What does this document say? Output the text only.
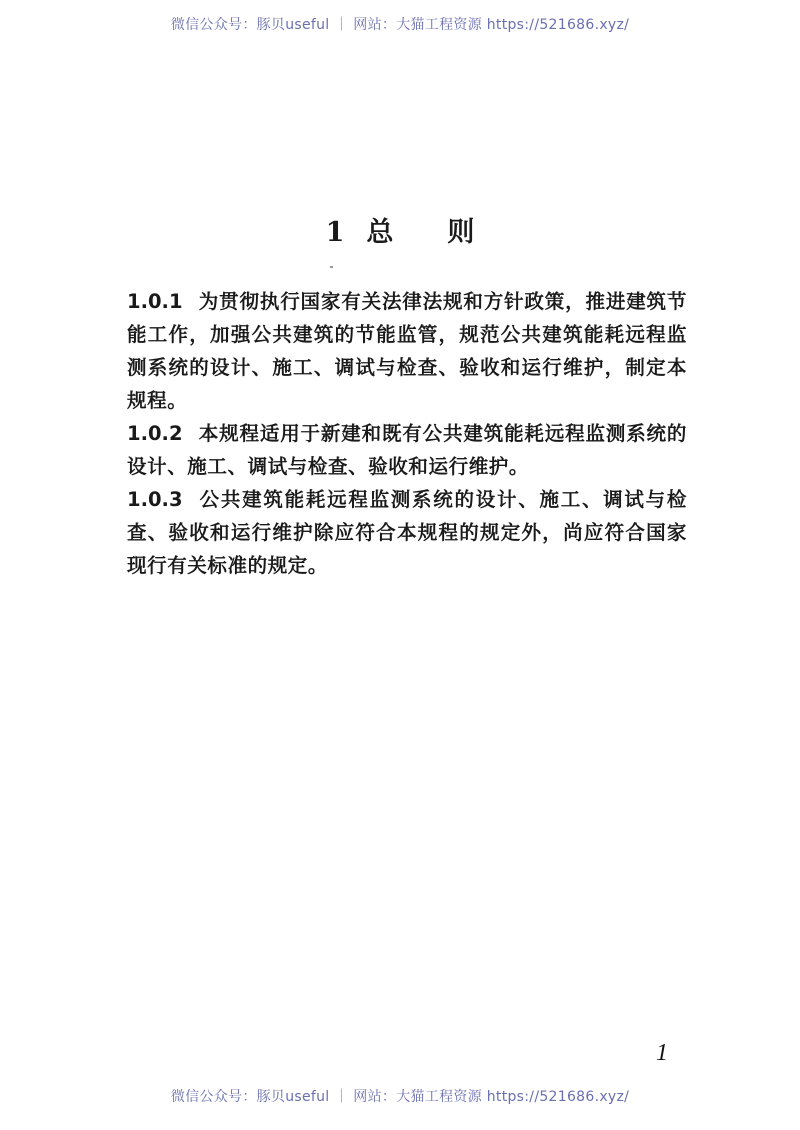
微信公众号：豚贝useful ｜ 网站：大猫工程资源 https://521686.xyz/
1 总 则

1.0.1 为贯彻执行国家有关法律法规和方针政策，推进建筑节能工作，加强公共建筑的节能监管，规范公共建筑能耗远程监测系统的设计、施工、调试与检查、验收和运行维护，制定本规程。

1.0.2 本规程适用于新建和既有公共建筑能耗远程监测系统的设计、施工、调试与检查、验收和运行维护。

1.0.3 公共建筑能耗远程监测系统的设计、施工、调试与检查、验收和运行维护除应符合本规程的规定外，尚应符合国家现行有关标准的规定。

1
微信公众号：豚贝useful ｜ 网站：大猫工程资源 https://521686.xyz/
